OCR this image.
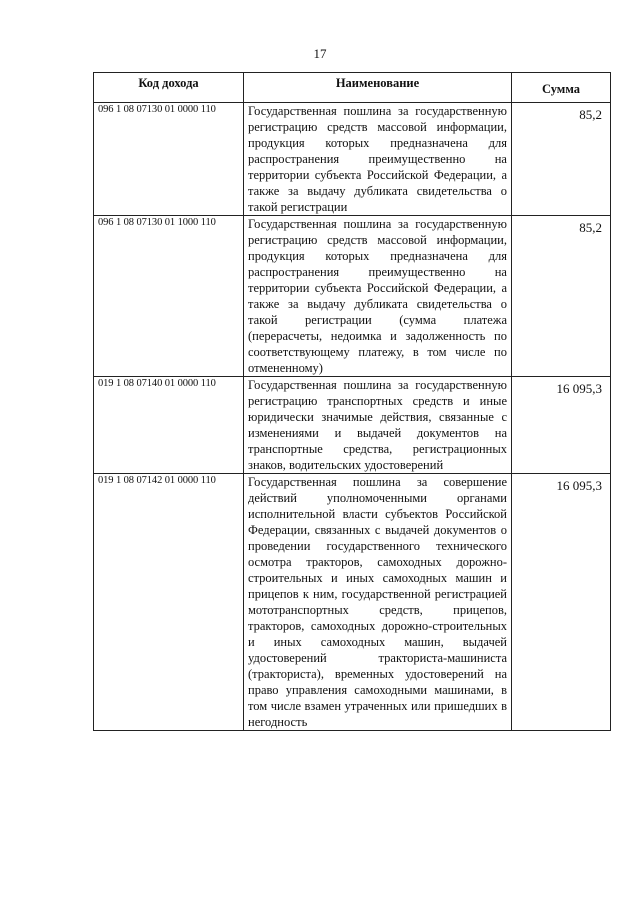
17
Код дохода	Наименование	Сумма
096 1 08 07130 01 0000 110	Государственная пошлина за государственную регистрацию средств массовой информации, продукция которых предназначена для распространения преимущественно на территории субъекта Российской Федерации, а также за выдачу дубликата свидетельства о такой регистрации	85,2
096 1 08 07130 01 1000 110	Государственная пошлина за государственную регистрацию средств массовой информации, продукция которых предназначена для распространения преимущественно на территории субъекта Российской Федерации, а также за выдачу дубликата свидетельства о такой регистрации (сумма платежа (перерасчеты, недоимка и задолженность по соответствующему платежу, в том числе по отмененному)	85,2
019 1 08 07140 01 0000 110	Государственная пошлина за государственную регистрацию транспортных средств и иные юридически значимые действия, связанные с изменениями и выдачей документов на транспортные средства, регистрационных знаков, водительских удостоверений	16 095,3
019 1 08 07142 01 0000 110	Государственная пошлина за совершение действий уполномоченными органами исполнительной власти субъектов Российской Федерации, связанных с выдачей документов о проведении государственного технического осмотра тракторов, самоходных дорожно-строительных и иных самоходных машин и прицепов к ним, государственной регистрацией мототранспортных средств, прицепов, тракторов, самоходных дорожно-строительных и иных самоходных машин, выдачей удостоверений тракториста-машиниста (тракториста), временных удостоверений на право управления самоходными машинами, в том числе взамен утраченных или пришедших в негодность	16 095,3
